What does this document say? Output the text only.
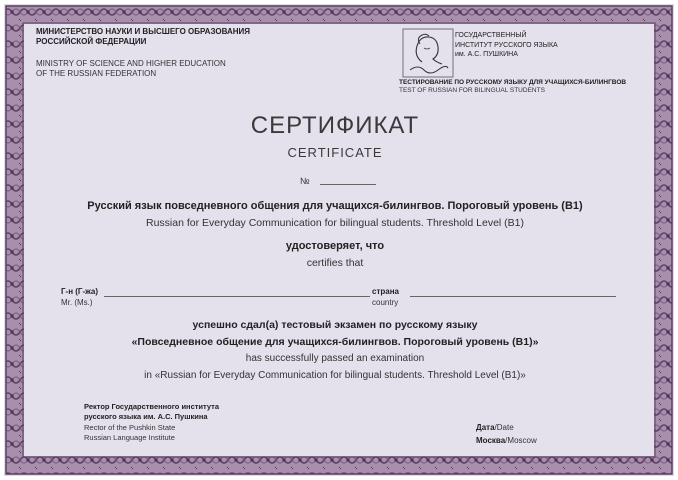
МИНИСТЕРСТВО НАУКИ И ВЫСШЕГО ОБРАЗОВАНИЯ
РОССИЙСКОЙ ФЕДЕРАЦИИ
MINISTRY OF SCIENCE AND HIGHER EDUCATION
OF THE RUSSIAN FEDERATION
ГОСУДАРСТВЕННЫЙ
ИНСТИТУТ РУССКОГО ЯЗЫКА
им. А.С. ПУШКИНА
ТЕСТИРОВАНИЕ ПО РУССКОМУ ЯЗЫКУ ДЛЯ УЧАЩИХСЯ-БИЛИНГВОВ
TEST OF RUSSIAN FOR BILINGUAL STUDENTS
СЕРТИФИКАТ
CERTIFICATE
№
Русский язык повседневного общения для учащихся-билингвов. Пороговый уровень (В1)
Russian for Everyday Communication for bilingual students. Threshold Level (B1)
удостоверяет, что
certifies that
Г-н (Г-жа)
Mr. (Ms.)
страна
country
успешно сдал(а) тестовый экзамен по русскому языку
«Повседневное общение для учащихся-билингвов. Пороговый уровень (В1)»
has successfully passed an examination
in «Russian for Everyday Communication for bilingual students. Threshold Level (B1)»
Ректор Государственного института
русского языка им. А.С. Пушкина
Rector of the Pushkin State
Russian Language Institute
Дата/Date
Москва/Moscow
